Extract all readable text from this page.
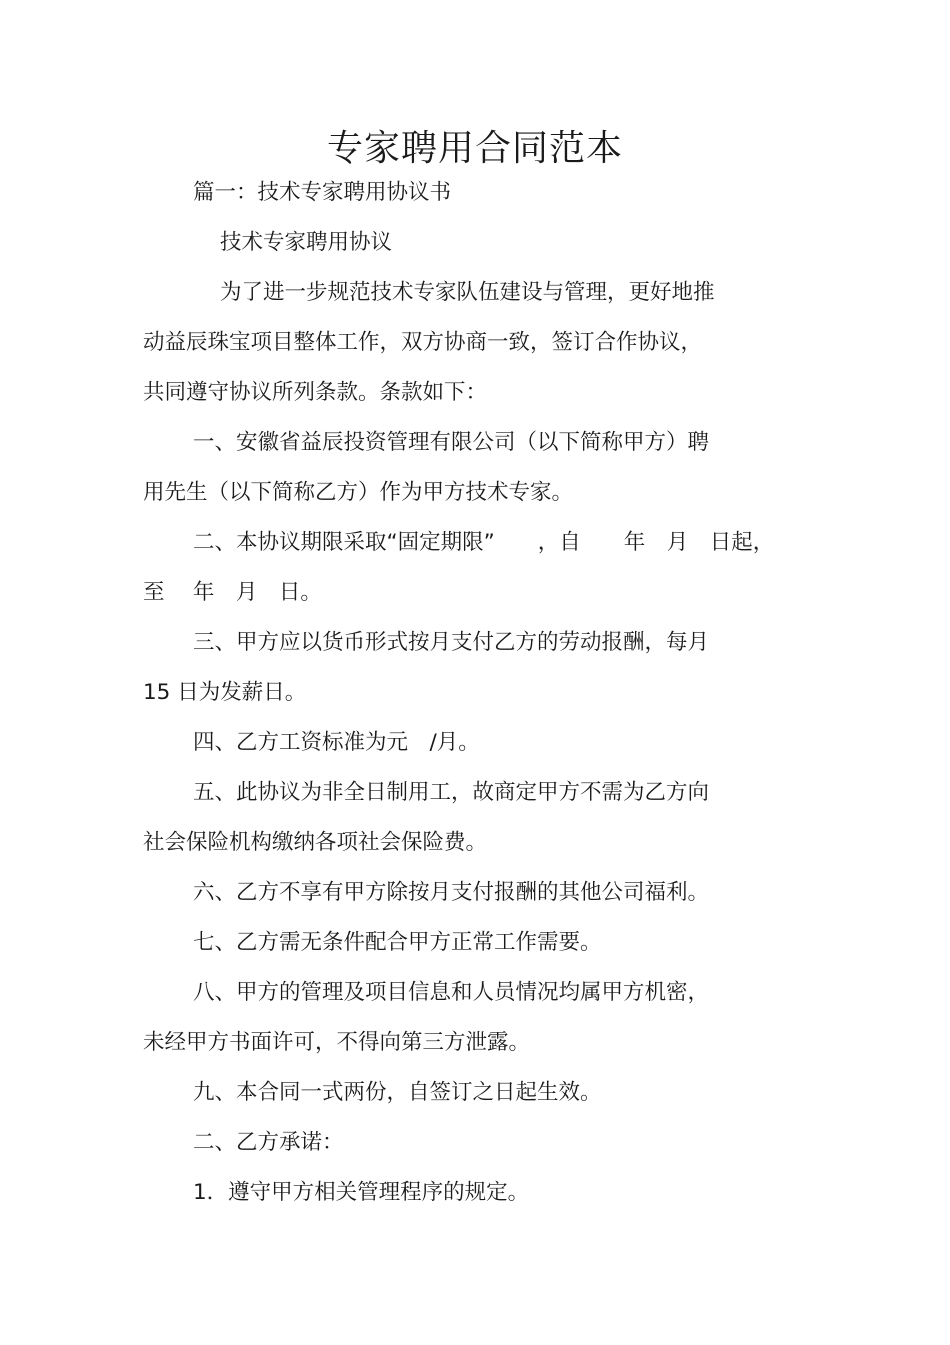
专家聘用合同范本

篇一：技术专家聘用协议书

技术专家聘用协议

为了进一步规范技术专家队伍建设与管理，更好地推

动益辰珠宝项目整体工作，双方协商一致，签订合作协议，

共同遵守协议所列条款。条款如下：

一、安徽省益辰投资管理有限公司（以下简称甲方）聘

用先生（以下简称乙方）作为甲方技术专家。

二、本协议期限采取“固定期限”　　，自　　年　月　日起，

至　 年　月　日。

三、甲方应以货币形式按月支付乙方的劳动报酬，每月

15 日为发薪日。

四、乙方工资标准为元　/月。

五、此协议为非全日制用工，故商定甲方不需为乙方向

社会保险机构缴纳各项社会保险费。

六、乙方不享有甲方除按月支付报酬的其他公司福利。

七、乙方需无条件配合甲方正常工作需要。

八、甲方的管理及项目信息和人员情况均属甲方机密，

未经甲方书面许可，不得向第三方泄露。

九、本合同一式两份，自签订之日起生效。

二、乙方承诺：

1．遵守甲方相关管理程序的规定。
